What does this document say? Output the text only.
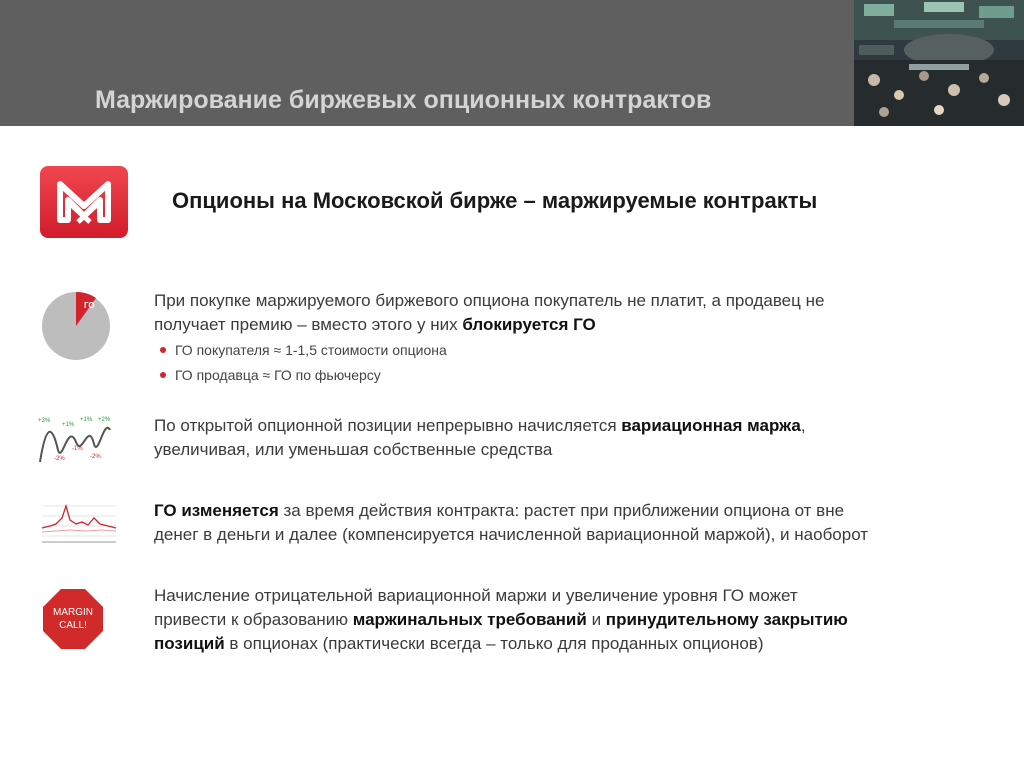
Маржирование биржевых опционных контрактов
Опционы на Московской бирже – маржируемые контракты
ГО	При покупке маржируемого биржевого опциона покупатель не платит, а продавец не
получает премию – вместо этого у них блокируется ГО
ГО покупателя ≈ 1-1,5 стоимости опциона
ГО продавца ≈ ГО по фьючерсу
+3%
+1%
+1% +2%
-2%
-1%
-2%
По открытой опционной позиции непрерывно начисляется вариационная маржа,
увеличивая, или уменьшая собственные средства
ГО изменяется за время действия контракта: растет при приближении опциона от вне
денег в деньги и далее (компенсируется начисленной вариационной маржой), и наоборот
MARGIN
CALL!
Начисление отрицательной вариационной маржи и увеличение уровня ГО может
привести к образованию маржинальных требований и принудительному закрытию
позиций в опционах (практически всегда – только для проданных опционов)
